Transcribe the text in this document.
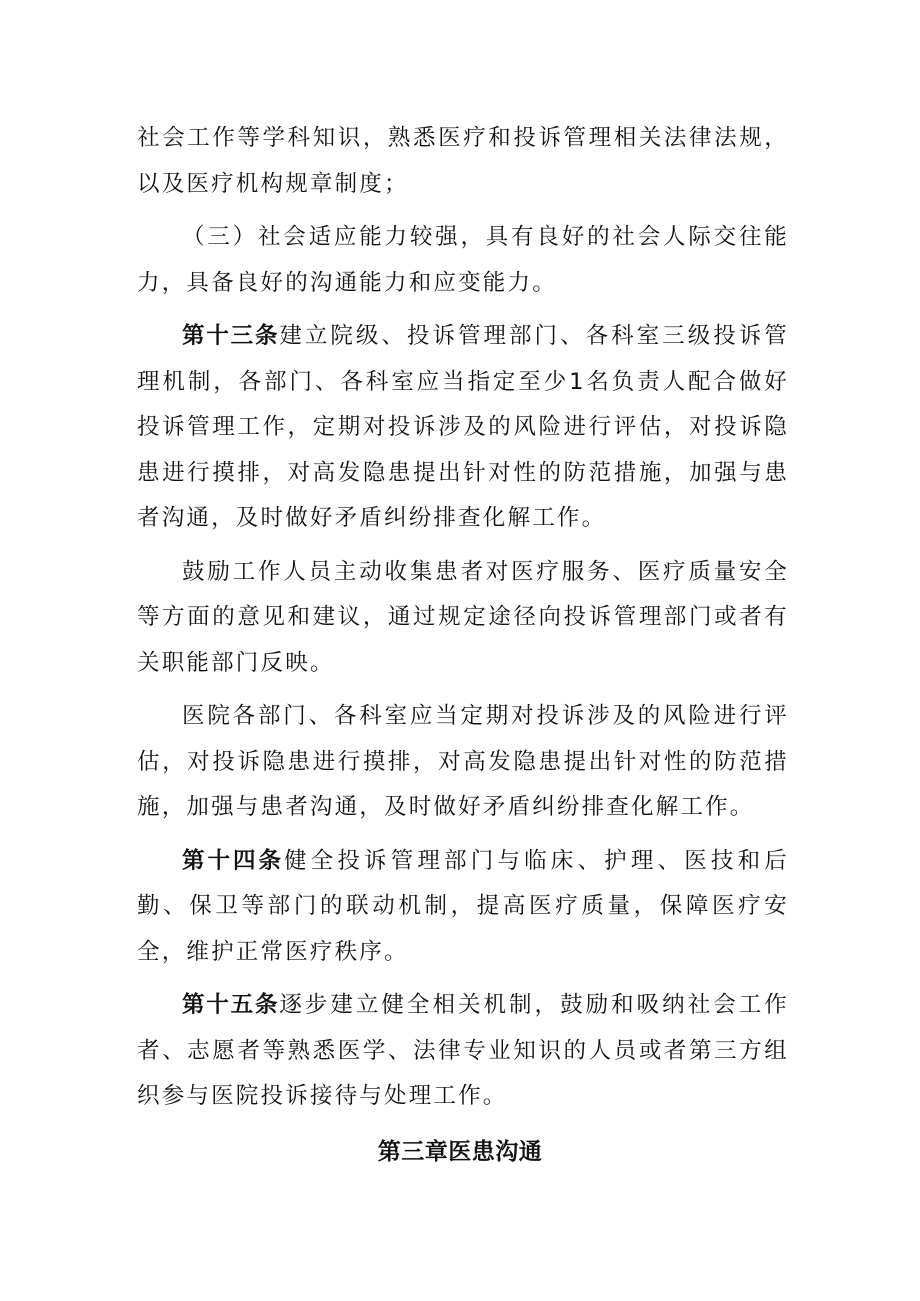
社会工作等学科知识，熟悉医疗和投诉管理相关法律法规，以及医疗机构规章制度；

（三）社会适应能力较强，具有良好的社会人际交往能力，具备良好的沟通能力和应变能力。

第十三条建立院级、投诉管理部门、各科室三级投诉管理机制，各部门、各科室应当指定至少1名负责人配合做好投诉管理工作，定期对投诉涉及的风险进行评估，对投诉隐患进行摸排，对高发隐患提出针对性的防范措施，加强与患者沟通，及时做好矛盾纠纷排查化解工作。

鼓励工作人员主动收集患者对医疗服务、医疗质量安全等方面的意见和建议，通过规定途径向投诉管理部门或者有关职能部门反映。

医院各部门、各科室应当定期对投诉涉及的风险进行评估，对投诉隐患进行摸排，对高发隐患提出针对性的防范措施，加强与患者沟通，及时做好矛盾纠纷排查化解工作。

第十四条健全投诉管理部门与临床、护理、医技和后勤、保卫等部门的联动机制，提高医疗质量，保障医疗安全，维护正常医疗秩序。

第十五条逐步建立健全相关机制，鼓励和吸纳社会工作者、志愿者等熟悉医学、法律专业知识的人员或者第三方组织参与医院投诉接待与处理工作。

第三章医患沟通
